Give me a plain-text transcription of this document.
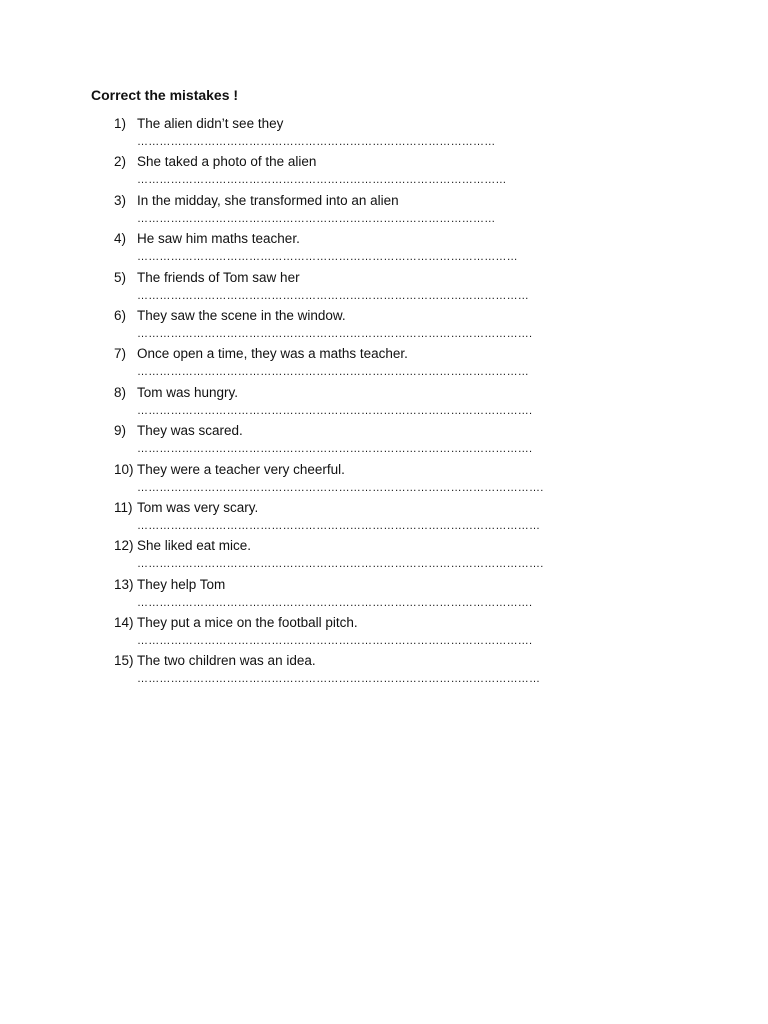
Correct the mistakes !
1) The alien didn’t see they
……………………………………………………………………………………
2) She taked a photo of the alien
………………………………………………………………………………………
3) In the midday, she transformed into an alien
……………………………………………………………………………………
4) He saw him maths teacher.
…………………………………………………………………………………………
5) The friends of Tom saw her
……………………………………………………………………………………………
6) They saw the scene in the window.
…………………………………………………………………………………………….
7) Once open a time, they was a maths teacher.
……………………………………………………………………………………………
8) Tom was hungry.
…………………………………………………………………………………………….
9) They was scared.
…………………………………………………………………………………………….
10) They were a teacher very cheerful.
……………………………………………………………………………………………….
11) Tom was very scary.
………………………………………………………………………………………………
12) She liked eat mice.
……………………………………………………………………………………………….
13) They help Tom
…………………………………………………………………………………………….
14) They put a mice on the football pitch.
…………………………………………………………………………………………….
15) The two children was an idea.
………………………………………………………………………………………………
